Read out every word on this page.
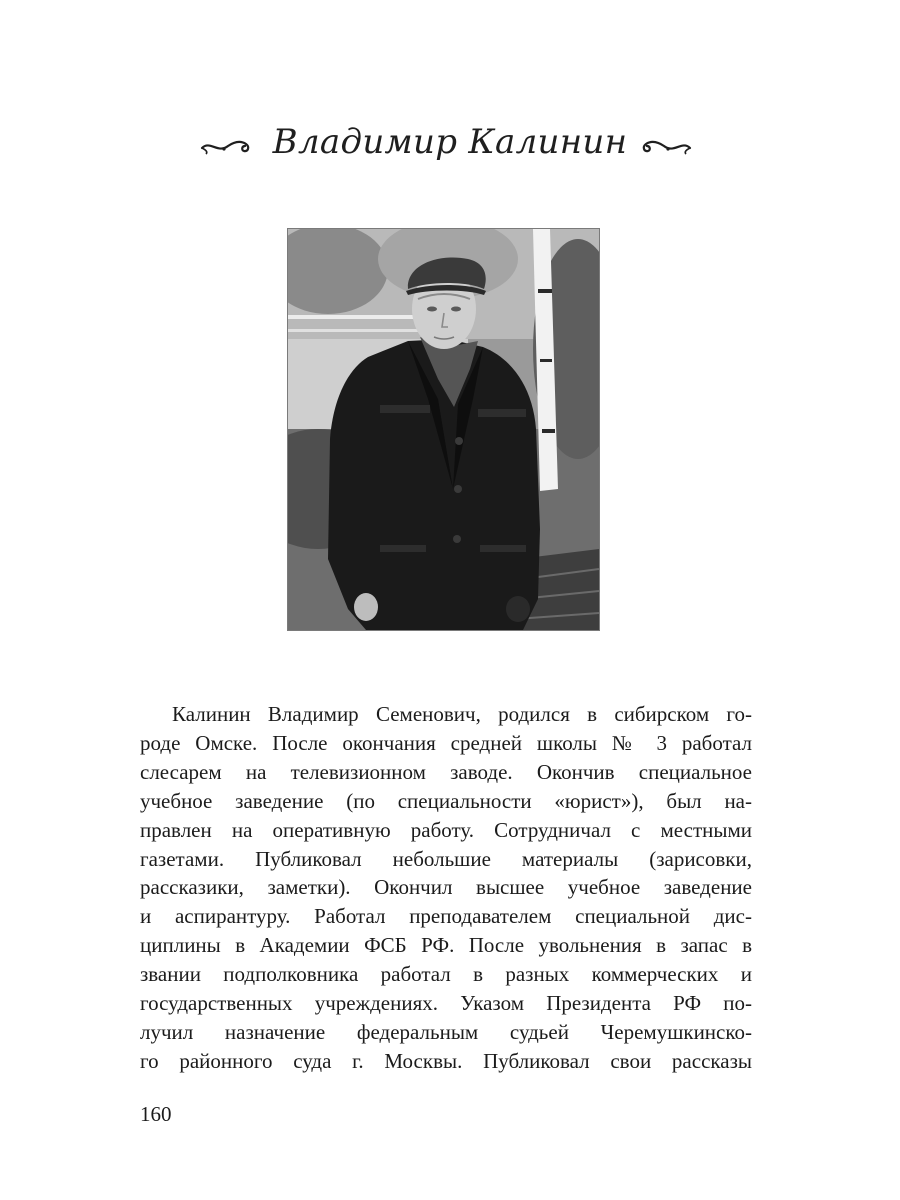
Владимир Калинин
Калинин Владимир Семенович, родился в сибирском го-
роде Омске. После окончания средней школы № 3 работал
слесарем на телевизионном заводе. Окончив специальное
учебное заведение (по специальности «юрист»), был на-
правлен на оперативную работу. Сотрудничал с местными
газетами. Публиковал небольшие материалы (зарисовки,
рассказики, заметки). Окончил высшее учебное заведение
и аспирантуру. Работал преподавателем специальной дис-
циплины в Академии ФСБ РФ. После увольнения в запас в
звании подполковника работал в разных коммерческих и
государственных учреждениях. Указом Президента РФ по-
лучил назначение федеральным судьей Черемушкинско-
го районного суда г. Москвы. Публиковал свои рассказы

160
